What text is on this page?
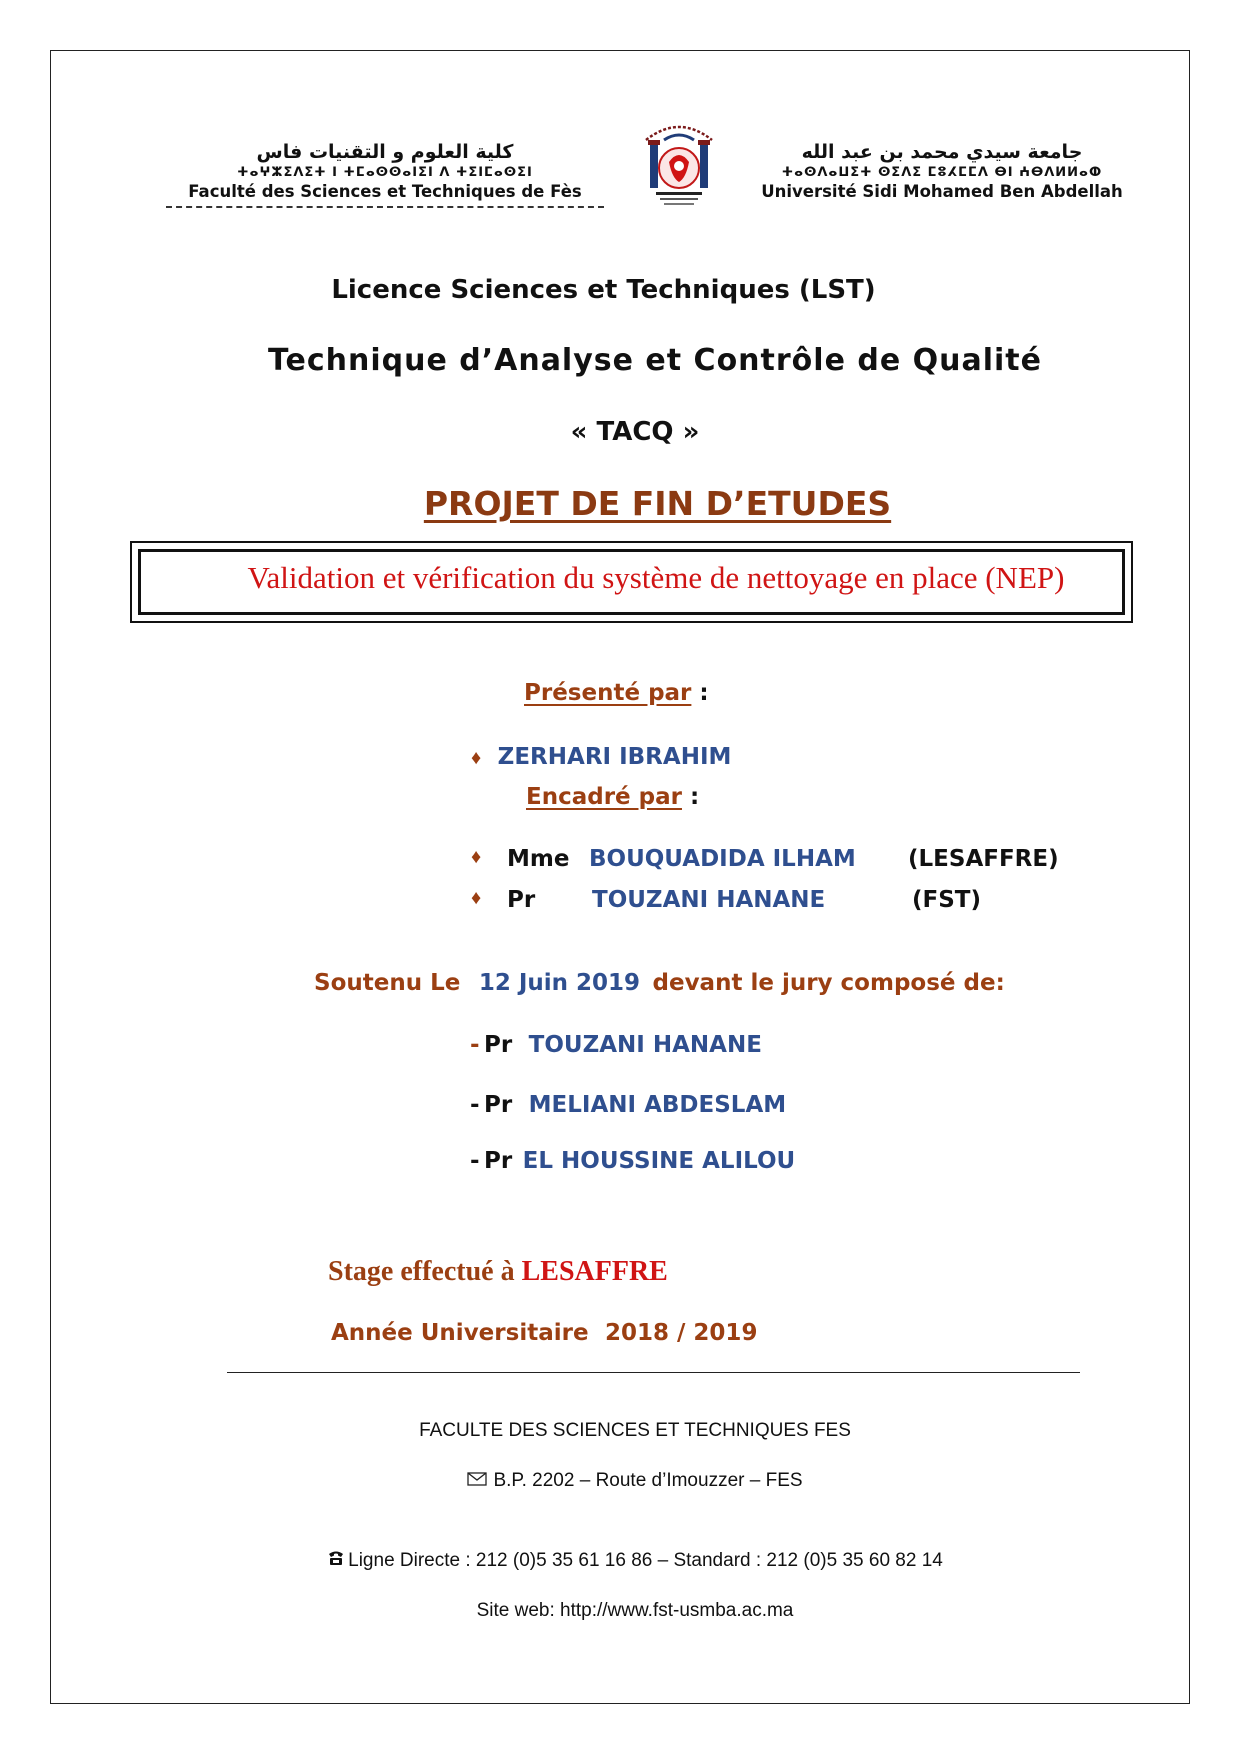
كلية العلوم و التقنيات فاس
ⵜⴰⵖⵣⵉⴷⵉⵜ ⵏ ⵜⵎⴰⵙⵙⴰⵏⵉⵏ ⴷ ⵜⵉⵏⵎⴰⵙⵉⵏ
Faculté des Sciences et Techniques de Fès
جامعة سيدي محمد بن عبد الله
ⵜⴰⵙⴷⴰⵡⵉⵜ ⵙⵉⴷⵉ ⵎⵓⵃⵎⵎⴷ ⴱⵏ ⵄⴱⴷⵍⵍⴰⵀ
Université Sidi Mohamed Ben Abdellah
Licence Sciences et Techniques (LST)
Technique d’Analyse et Contrôle de Qualité
« TACQ »
PROJET DE FIN D’ETUDES
Validation et vérification du système de nettoyage en place (NEP)
Présenté par :
♦ ZERHARI IBRAHIM
Encadré par :
♦ Mme BOUQUADIDA ILHAM (LESAFFRE)
♦ Pr TOUZANI HANANE	(FST)
Soutenu Le 12 Juin 2019 devant le jury composé de:
- Pr TOUZANI HANANE
- Pr MELIANI ABDESLAM
- Pr EL HOUSSINE ALILOU
Stage effectué à LESAFFRE
Année Universitaire 2018 / 2019
FACULTE DES SCIENCES ET TECHNIQUES FES
B.P. 2202 – Route d’Imouzzer – FES
Ligne Directe : 212 (0)5 35 61 16 86 – Standard : 212 (0)5 35 60 82 14
Site web: http://www.fst-usmba.ac.ma
